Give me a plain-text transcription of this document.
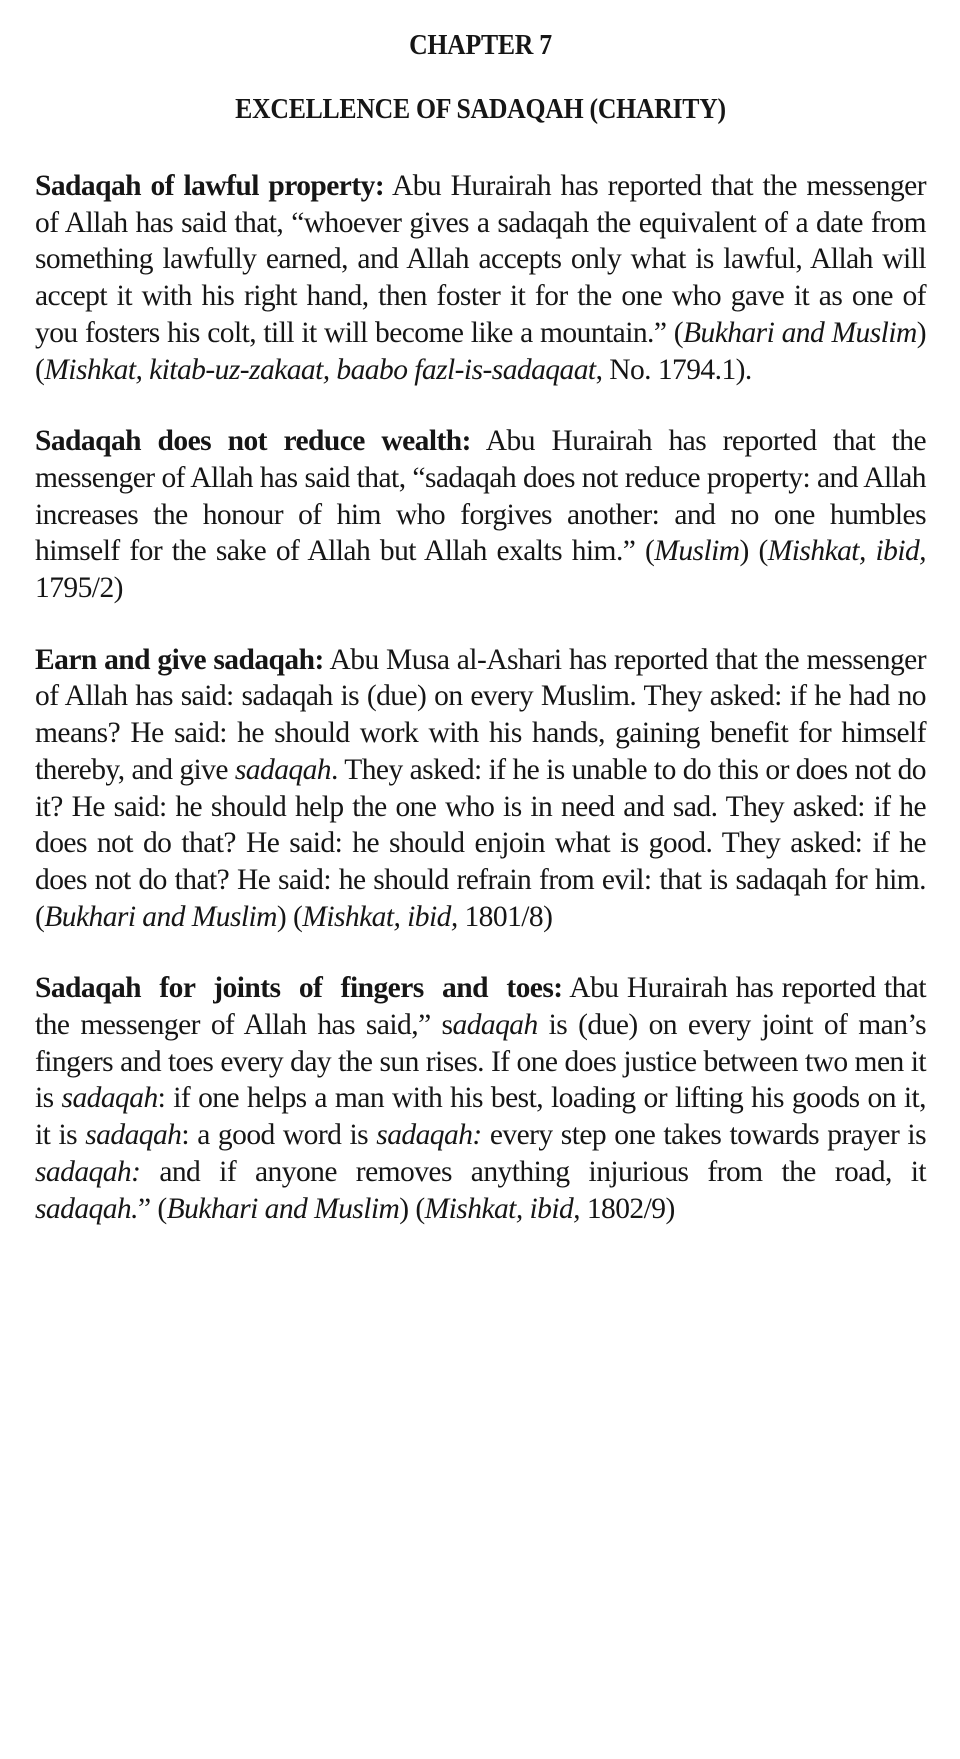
CHAPTER 7
EXCELLENCE OF SADAQAH (CHARITY)

Sadaqah of lawful property: Abu Hurairah has reported that the messenger of Allah has said that, “whoever gives a sadaqah the equivalent of a date from something lawfully earned, and Allah accepts only what is lawful, Allah will accept it with his right hand, then foster it for the one who gave it as one of you fosters his colt, till it will become like a mountain.” (Bukhari and Muslim) (Mishkat, kitab-uz-zakaat, baabo fazl-is-sadaqaat, No. 1794.1).

Sadaqah does not reduce wealth: Abu Hurairah has reported that the messenger of Allah has said that, “sadaqah does not reduce property: and Allah increases the honour of him who forgives another: and no one humbles himself for the sake of Allah but Allah exalts him.” (Muslim) (Mishkat, ibid, 1795/2)

Earn and give sadaqah: Abu Musa al-Ashari has reported that the messenger of Allah has said: sadaqah is (due) on every Muslim. They asked: if he had no means? He said: he should work with his hands, gaining benefit for himself thereby, and give sadaqah. They asked: if he is unable to do this or does not do it? He said: he should help the one who is in need and sad. They asked: if he does not do that? He said: he should enjoin what is good. They asked: if he does not do that? He said: he should refrain from evil: that is sadaqah for him. (Bukhari and Muslim) (Mishkat, ibid, 1801/8)

Sadaqah for joints of fingers and toes: Abu Hurairah has reported that the messenger of Allah has said,” sadaqah is (due) on every joint of man’s fingers and toes every day the sun rises. If one does justice between two men it is sadaqah: if one helps a man with his best, loading or lifting his goods on it, it is sadaqah: a good word is sadaqah: every step one takes towards prayer is sadaqah: and if anyone removes anything injurious from the road, it sadaqah.” (Bukhari and Muslim) (Mishkat, ibid, 1802/9)
